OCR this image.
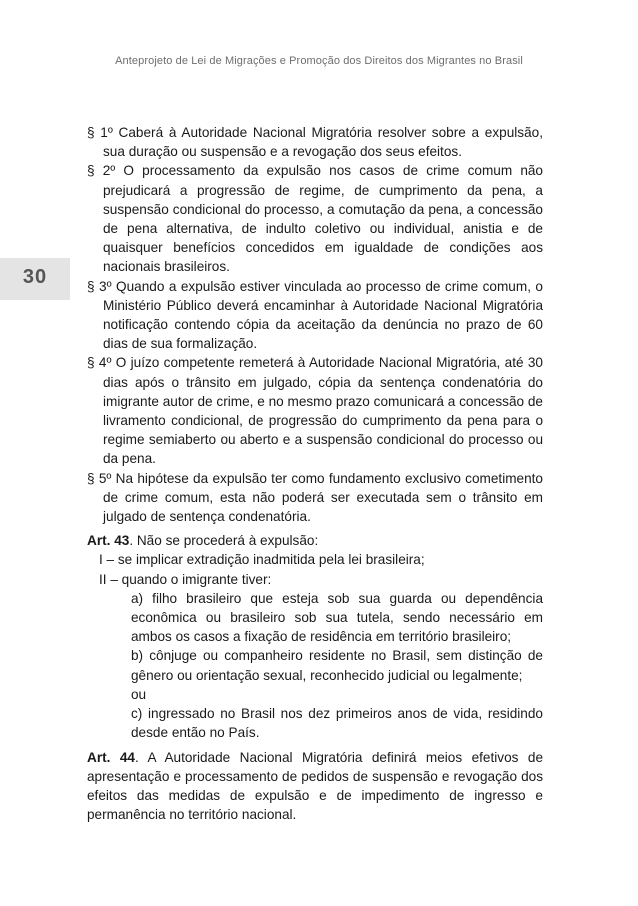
Anteprojeto de Lei de Migrações e Promoção dos Direitos dos Migrantes no Brasil
30

§ 1º Caberá à Autoridade Nacional Migratória resolver sobre a expulsão, sua duração ou suspensão e a revogação dos seus efeitos.

§ 2º O processamento da expulsão nos casos de crime comum não prejudicará a progressão de regime, de cumprimento da pena, a suspensão condicional do processo, a comutação da pena, a concessão de pena alternativa, de indulto coletivo ou individual, anistia e de quaisquer benefícios concedidos em igualdade de condições aos nacionais brasileiros.

§ 3º Quando a expulsão estiver vinculada ao processo de crime comum, o Ministério Público deverá encaminhar à Autoridade Nacional Migratória notificação contendo cópia da aceitação da denúncia no prazo de 60 dias de sua formalização.

§ 4º O juízo competente remeterá à Autoridade Nacional Migratória, até 30 dias após o trânsito em julgado, cópia da sentença condenatória do imigrante autor de crime, e no mesmo prazo comunicará a concessão de livramento condicional, de progressão do cumprimento da pena para o regime semiaberto ou aberto e a suspensão condicional do processo ou da pena.

§ 5º Na hipótese da expulsão ter como fundamento exclusivo cometimento de crime comum, esta não poderá ser executada sem o trânsito em julgado de sentença condenatória.

Art. 43. Não se procederá à expulsão:

I – se implicar extradição inadmitida pela lei brasileira;

II – quando o imigrante tiver:

a) filho brasileiro que esteja sob sua guarda ou dependência econômica ou brasileiro sob sua tutela, sendo necessário em ambos os casos a fixação de residência em território brasileiro;

b) cônjuge ou companheiro residente no Brasil, sem distinção de gênero ou orientação sexual, reconhecido judicial ou legalmente;

ou

c) ingressado no Brasil nos dez primeiros anos de vida, residindo desde então no País.

Art. 44. A Autoridade Nacional Migratória definirá meios efetivos de apresentação e processamento de pedidos de suspensão e revogação dos efeitos das medidas de expulsão e de impedimento de ingresso e permanência no território nacional.
